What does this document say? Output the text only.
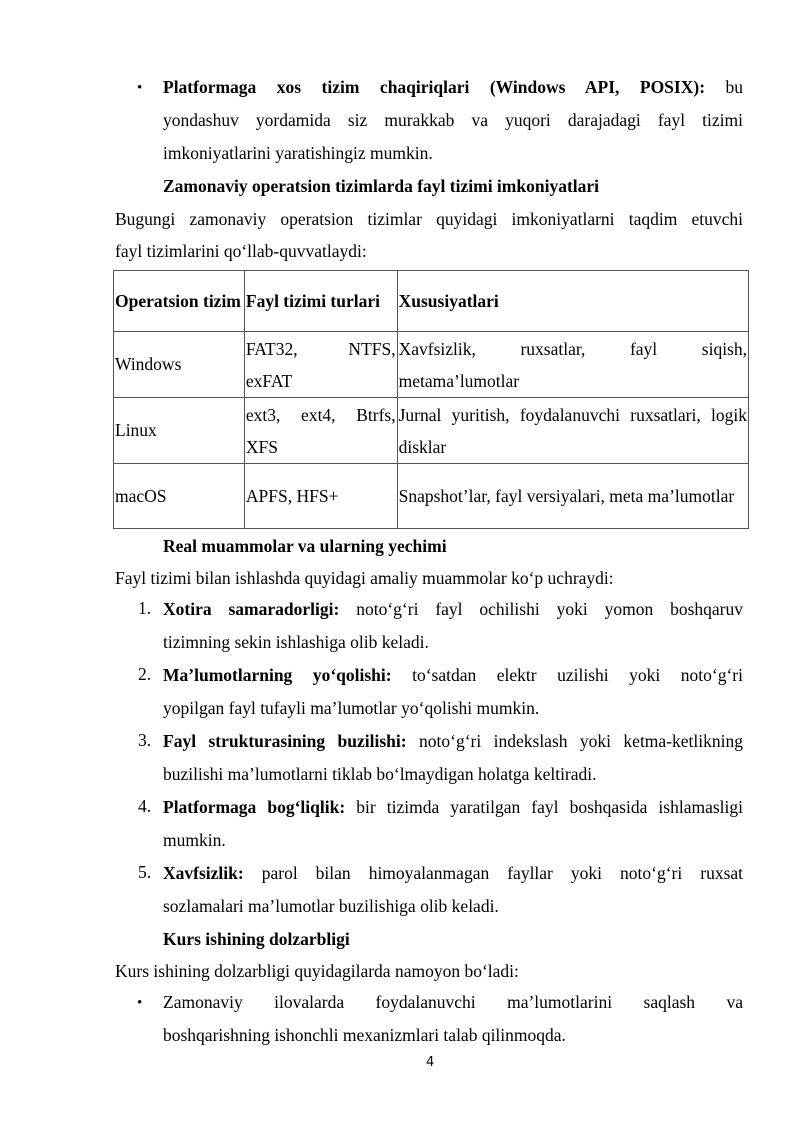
• Platformaga xos tizim chaqiriqlari (Windows API, POSIX): bu
yondashuv yordamida siz murakkab va yuqori darajadagi fayl tizimi
imkoniyatlarini yaratishingiz mumkin.
Zamonaviy operatsion tizimlarda fayl tizimi imkoniyatlari
Bugungi zamonaviy operatsion tizimlar quyidagi imkoniyatlarni taqdim etuvchi
fayl tizimlarini qo‘llab-quvvatlaydi:
Operatsion tizim	Fayl tizimi turlari	Xususiyatlari
Windows	FAT32, NTFS, exFAT	Xavfsizlik, ruxsatlar, fayl siqish, metama’lumotlar
Linux	ext3, ext4, Btrfs, XFS	Jurnal yuritish, foydalanuvchi ruxsatlari, logik disklar
macOS	APFS, HFS+	Snapshot’lar, fayl versiyalari, meta ma’lumotlar
Real muammolar va ularning yechimi
Fayl tizimi bilan ishlashda quyidagi amaliy muammolar ko‘p uchraydi:
1. Xotira samaradorligi: noto‘g‘ri fayl ochilishi yoki yomon boshqaruv
tizimning sekin ishlashiga olib keladi.
2. Ma’lumotlarning yo‘qolishi: to‘satdan elektr uzilishi yoki noto‘g‘ri
yopilgan fayl tufayli ma’lumotlar yo‘qolishi mumkin.
3. Fayl strukturasining buzilishi: noto‘g‘ri indekslash yoki ketma-ketlikning
buzilishi ma’lumotlarni tiklab bo‘lmaydigan holatga keltiradi.
4. Platformaga bog‘liqlik: bir tizimda yaratilgan fayl boshqasida ishlamasligi
mumkin.
5. Xavfsizlik: parol bilan himoyalanmagan fayllar yoki noto‘g‘ri ruxsat
sozlamalari ma’lumotlar buzilishiga olib keladi.
Kurs ishining dolzarbligi
Kurs ishining dolzarbligi quyidagilarda namoyon bo‘ladi:
• Zamonaviy ilovalarda foydalanuvchi ma’lumotlarini saqlash va
boshqarishning ishonchli mexanizmlari talab qilinmoqda.
4
